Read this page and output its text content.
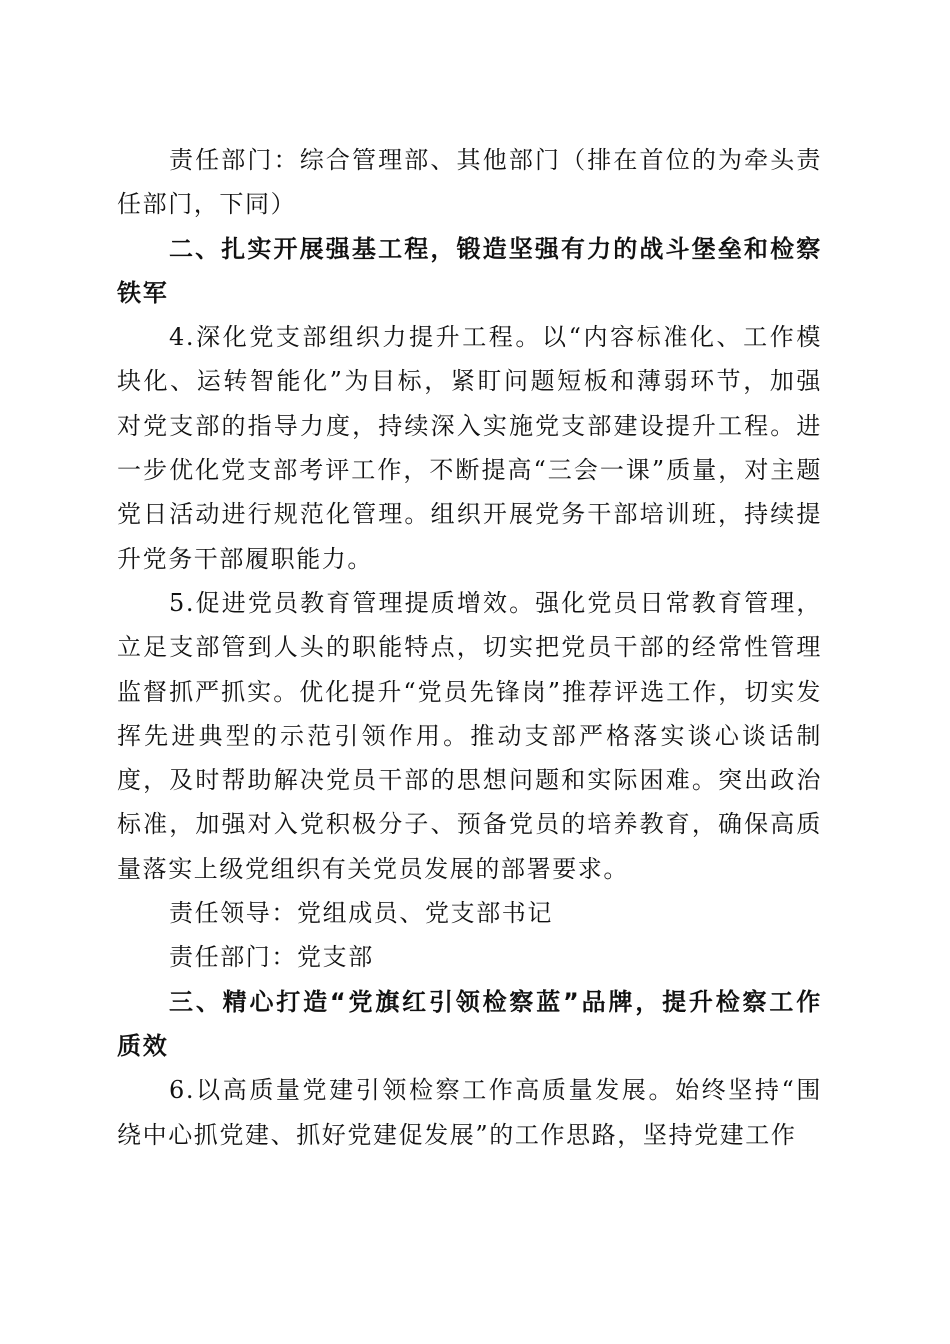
责任部门：综合管理部、其他部门（排在首位的为牵头责任部门，下同）

二、扎实开展强基工程，锻造坚强有力的战斗堡垒和检察铁军

4.深化党支部组织力提升工程。以“内容标准化、工作模块化、运转智能化”为目标，紧盯问题短板和薄弱环节，加强对党支部的指导力度，持续深入实施党支部建设提升工程。进一步优化党支部考评工作，不断提高“三会一课”质量，对主题党日活动进行规范化管理。组织开展党务干部培训班，持续提升党务干部履职能力。

5.促进党员教育管理提质增效。强化党员日常教育管理，立足支部管到人头的职能特点，切实把党员干部的经常性管理监督抓严抓实。优化提升“党员先锋岗”推荐评选工作，切实发挥先进典型的示范引领作用。推动支部严格落实谈心谈话制度，及时帮助解决党员干部的思想问题和实际困难。突出政治标准，加强对入党积极分子、预备党员的培养教育，确保高质量落实上级党组织有关党员发展的部署要求。

责任领导：党组成员、党支部书记

责任部门：党支部

三、精心打造“党旗红引领检察蓝”品牌，提升检察工作质效

6.以高质量党建引领检察工作高质量发展。始终坚持“围绕中心抓党建、抓好党建促发展”的工作思路，坚持党建工作
